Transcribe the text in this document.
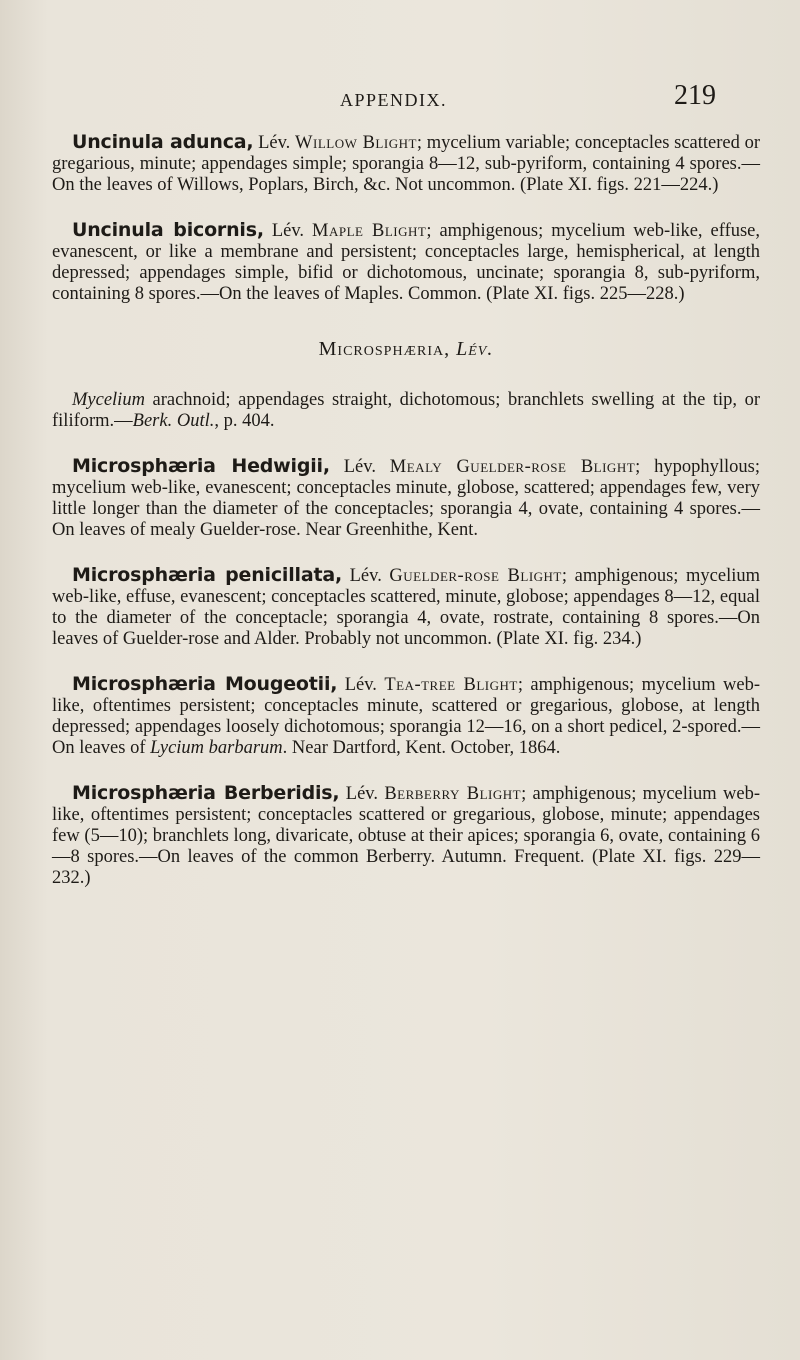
APPENDIX.	219

Uncinula adunca, Lév. Willow Blight; mycelium variable; conceptacles scattered or gregarious, minute; appendages simple; sporangia 8—12, sub-pyriform, containing 4 spores.—On the leaves of Willows, Poplars, Birch, &c. Not uncommon. (Plate XI. figs. 221—224.)

Uncinula bicornis, Lév. Maple Blight; amphigenous; mycelium web-like, effuse, evanescent, or like a membrane and persistent; conceptacles large, hemispherical, at length depressed; appendages simple, bifid or dichotomous, uncinate; sporangia 8, sub-pyriform, containing 8 spores.—On the leaves of Maples. Common. (Plate XI. figs. 225—228.)

Microsphæria, Lév.

Mycelium arachnoid; appendages straight, dichotomous; branchlets swelling at the tip, or filiform.—Berk. Outl., p. 404.

Microsphæria Hedwigii, Lév. Mealy Guelder-rose Blight; hypophyllous; mycelium web-like, evanescent; conceptacles minute, globose, scattered; appendages few, very little longer than the diameter of the conceptacles; sporangia 4, ovate, containing 4 spores.—On leaves of mealy Guelder-rose. Near Greenhithe, Kent.

Microsphæria penicillata, Lév. Guelder-rose Blight; amphigenous; mycelium web-like, effuse, evanescent; conceptacles scattered, minute, globose; appendages 8—12, equal to the diameter of the conceptacle; sporangia 4, ovate, rostrate, containing 8 spores.—On leaves of Guelder-rose and Alder. Probably not uncommon. (Plate XI. fig. 234.)

Microsphæria Mougeotii, Lév. Tea-tree Blight; amphigenous; mycelium web-like, oftentimes persistent; conceptacles minute, scattered or gregarious, globose, at length depressed; appendages loosely dichotomous; sporangia 12—16, on a short pedicel, 2-spored.—On leaves of Lycium barbarum. Near Dartford, Kent. October, 1864.

Microsphæria Berberidis, Lév. Berberry Blight; amphigenous; mycelium web-like, oftentimes persistent; conceptacles scattered or gregarious, globose, minute; appendages few (5—10); branchlets long, divaricate, obtuse at their apices; sporangia 6, ovate, containing 6—8 spores.—On leaves of the common Berberry. Autumn. Frequent. (Plate XI. figs. 229—232.)
